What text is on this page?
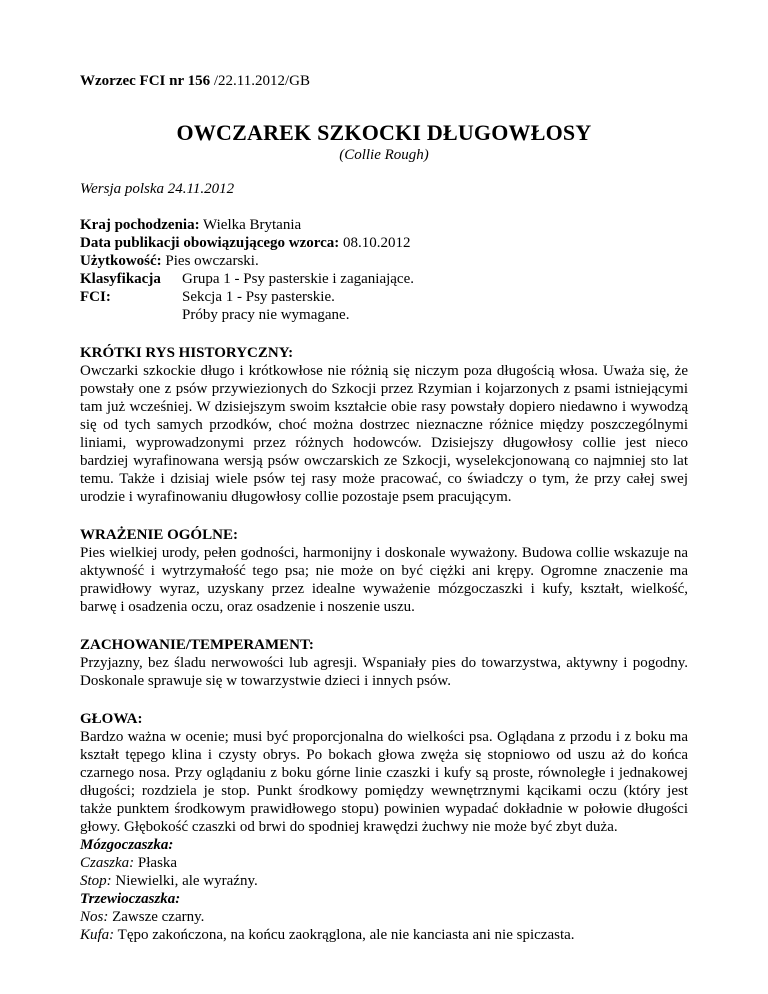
Wzorzec FCI nr 156 /22.11.2012/GB

OWCZAREK SZKOCKI DŁUGOWŁOSY

(Collie Rough)

Wersja polska 24.11.2012

Kraj pochodzenia: Wielka Brytania

Data publikacji obowiązującego wzorca: 08.10.2012

Użytkowość: Pies owczarski.

Klasyfikacja FCI:
Grupa 1 - Psy pasterskie i zaganiające.
Sekcja 1 - Psy pasterskie.
Próby pracy nie wymagane.
KRÓTKI RYS HISTORYCZNY:

Owczarki szkockie długo i krótkowłose nie różnią się niczym poza długością włosa. Uważa się, że powstały one z psów przywiezionych do Szkocji przez Rzymian i kojarzonych z psami istniejącymi tam już wcześniej. W dzisiejszym swoim kształcie obie rasy powstały dopiero niedawno i wywodzą się od tych samych przodków, choć można dostrzec nieznaczne różnice między poszczególnymi liniami, wyprowadzonymi przez różnych hodowców. Dzisiejszy długowłosy collie jest nieco bardziej wyrafinowana wersją psów owczarskich ze Szkocji, wyselekcjonowaną co najmniej sto lat temu. Także i dzisiaj wiele psów tej rasy może pracować, co świadczy o tym, że przy całej swej urodzie i wyrafinowaniu długowłosy collie pozostaje psem pracującym.

WRAŻENIE OGÓLNE:

Pies wielkiej urody, pełen godności, harmonijny i doskonale wyważony. Budowa collie wskazuje na aktywność i wytrzymałość tego psa; nie może on być ciężki ani krępy. Ogromne znaczenie ma prawidłowy wyraz, uzyskany przez idealne wyważenie mózgoczaszki i kufy, kształt, wielkość, barwę i osadzenia oczu, oraz osadzenie i noszenie uszu.

ZACHOWANIE/TEMPERAMENT:

Przyjazny, bez śladu nerwowości lub agresji. Wspaniały pies do towarzystwa, aktywny i pogodny. Doskonale sprawuje się w towarzystwie dzieci i innych psów.

GŁOWA:

Bardzo ważna w ocenie; musi być proporcjonalna do wielkości psa. Oglądana z przodu i z boku ma kształt tępego klina i czysty obrys. Po bokach głowa zwęża się stopniowo od uszu aż do końca czarnego nosa. Przy oglądaniu z boku górne linie czaszki i kufy są proste, równoległe i jednakowej długości; rozdziela je stop. Punkt środkowy pomiędzy wewnętrznymi kącikami oczu (który jest także punktem środkowym prawidłowego stopu) powinien wypadać dokładnie w połowie długości głowy. Głębokość czaszki od brwi do spodniej krawędzi żuchwy nie może być zbyt duża.

Mózgoczaszka:

Czaszka: Płaska

Stop: Niewielki, ale wyraźny.

Trzewioczaszka:

Nos: Zawsze czarny.

Kufa: Tępo zakończona, na końcu zaokrąglona, ale nie kanciasta ani nie spiczasta.
